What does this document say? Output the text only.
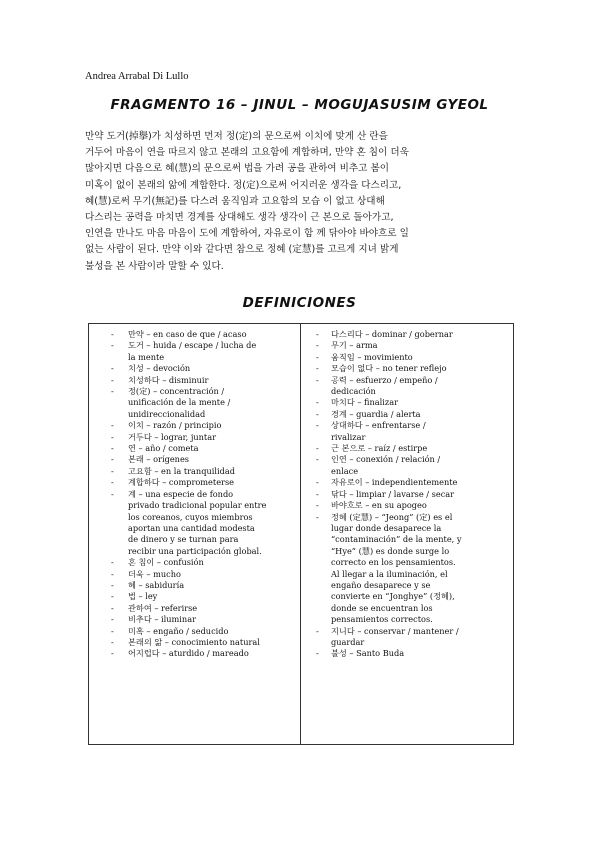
Andrea Arrabal Di Lullo
FRAGMENTO 16 – JINUL – MOGUJASUSIM GYEOL
만약 도거(掉擧)가 치성하면 먼저 정(定)의 문으로써 이치에 맞게 산 란을
거두어 마음이 연을 따르지 않고 본래의 고요함에 계합하며, 만약 혼 침이 더욱
많아지면 다음으로 혜(慧)의 문으로써 법을 가려 공을 관하여 비추고 봄이
미혹이 없이 본래의 앎에 계합한다. 정(定)으로써 어지러운 생각을 다스리고,
혜(慧)로써 무기(無記)를 다스려 움직임과 고요함의 모습 이 없고 상대해
다스리는 공력을 마치면 경계를 상대해도 생각 생각이 근 본으로 돌아가고,
인연을 만나도 마음 마음이 도에 계합하여, 자유로이 함 께 닦아야 바야흐로 일
없는 사람이 된다. 만약 이와 같다면 참으로 정혜 (定慧)를 고르게 지녀 밝게
불성을 본 사람이라 말할 수 있다.
DEFINICIONES
- 만약 – en caso de que / acaso
- 도거 – huida / escape / lucha de
la mente
- 치성 – devoción
- 치성하다 – disminuir
- 정(定) – concentración /
unificación de la mente /
unidireccionalidad
- 이치 – razón / principio
- 거두다 – lograr, juntar
- 연 – año / cometa
- 본래 – orígenes
- 고요함 – en la tranquilidad
- 계합하다 – comprometerse
- 계 – una especie de fondo
privado tradicional popular entre
los coreanos, cuyos miembros
aportan una cantidad modesta
de dinero y se turnan para
recibir una participación global.
- 혼 침이 – confusión
- 더욱 – mucho
- 혜 – sabiduría
- 법 – ley
- 관하여 – referirse
- 비추다 – iluminar
- 미혹 – engaño / seducido
- 본래의 앎 – conocimiento natural
- 어지럽다 – aturdido / mareado
- 다스리다 – dominar / gobernar
- 무기 – arma
- 움직임 – movimiento
- 모습이 없다 – no tener reflejo
- 공력 – esfuerzo / empeño /
dedicación
- 마치다 – finalizar
- 경계 – guardia / alerta
- 상대하다 – enfrentarse /
rivalizar
- 근 본으로 – raíz / estirpe
- 인연 – conexión / relación /
enlace
- 자유로이 – independientemente
- 닦다 – limpiar / lavarse / secar
- 바야흐로 – en su apogeo
- 정혜 (定慧) – “Jeong” (定) es el
lugar donde desaparece la
“contaminación” de la mente, y
“Hye” (慧) es donde surge lo
correcto en los pensamientos.
Al llegar a la iluminación, el
engaño desaparece y se
convierte en “Jonghye” (정혜),
donde se encuentran los
pensamientos correctos.
- 지니다 – conservar / mantener /
guardar
- 불성 – Santo Buda
